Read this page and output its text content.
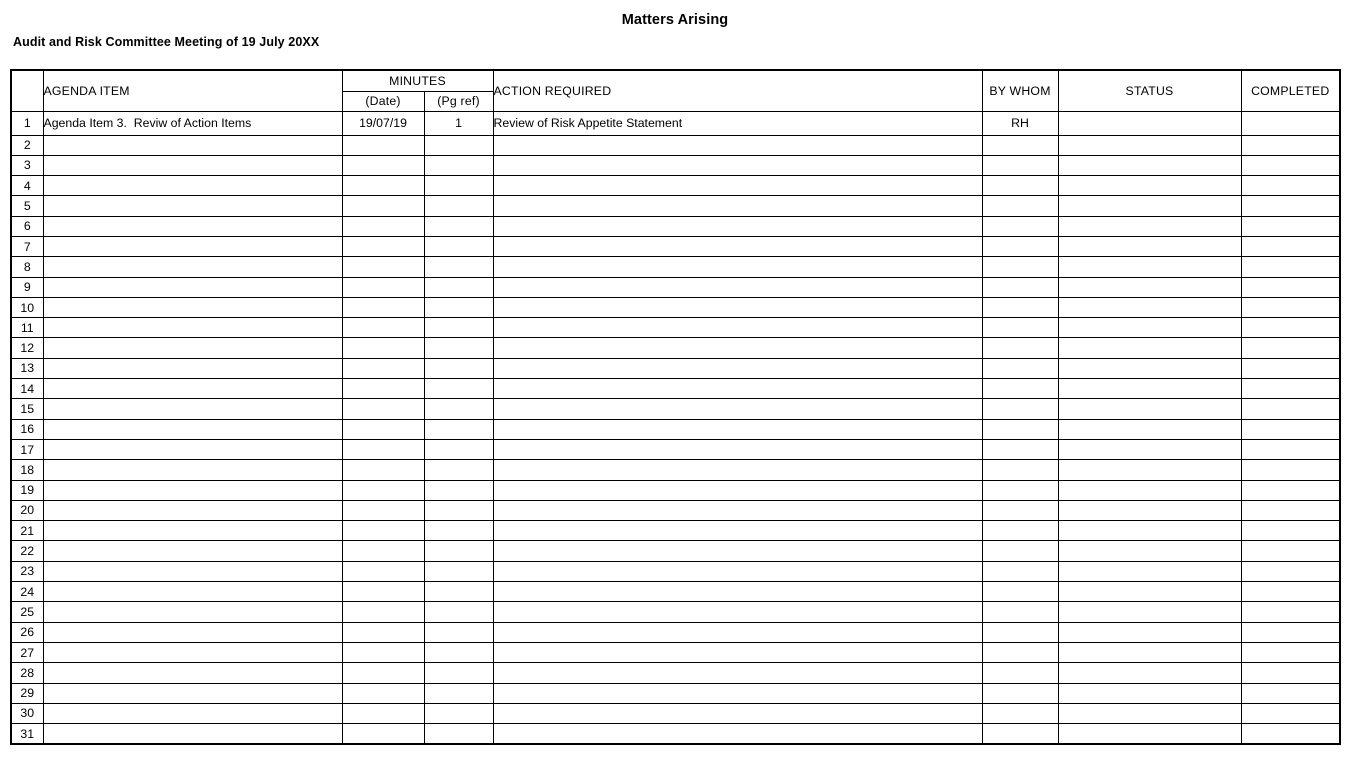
Matters Arising
Audit and Risk Committee Meeting of 19 July 20XX
	AGENDA ITEM	MINUTES		ACTION REQUIRED	BY WHOM	STATUS	COMPLETED
		(Date)	(Pg ref)				
1	Agenda Item 3.  Reviw of Action Items	19/07/19	1	Review of Risk Appetite Statement	RH		
2							
3							
4							
5							
6							
7							
8							
9							
10							
11							
12							
13							
14							
15							
16							
17							
18							
19							
20							
21							
22							
23							
24							
25							
26							
27							
28							
29							
30							
31							
